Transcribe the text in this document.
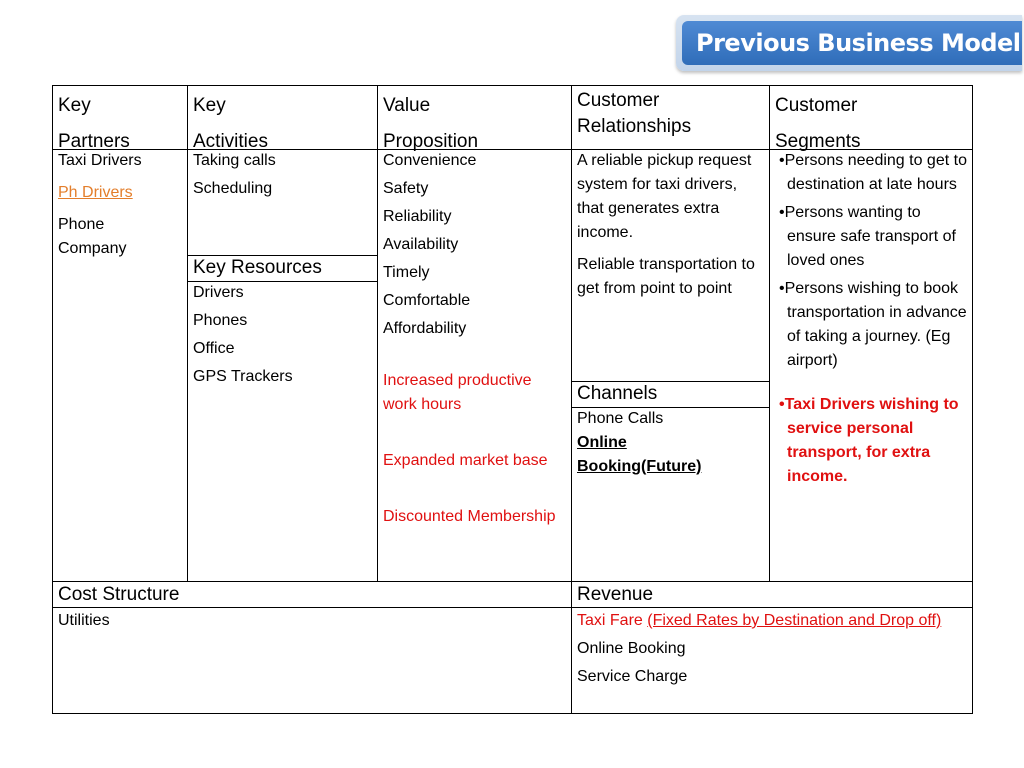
Previous Business Model
Key
Partners
Taxi Drivers
Ph Drivers
Phone Company
Key
Activities
Taking calls
Scheduling
Key Resources
Drivers
Phones
Office
GPS Trackers
Value
Proposition
Convenience
Safety
Reliability
Availability
Timely
Comfortable
Affordability
Increased productive work hours
Expanded market base
Discounted Membership
Customer
Relationships
A reliable pickup request system for taxi drivers, that generates extra income.
Reliable transportation to get from point to point
Channels
Phone Calls
Online Booking(Future)
Customer
Segments
•Persons needing to get to destination at late hours
•Persons wanting to ensure safe transport of loved ones
•Persons wishing to book transportation in advance of taking a journey. (Eg airport)
•Taxi Drivers wishing to service personal transport, for extra income.
Cost Structure
Utilities
Revenue
Taxi Fare (Fixed Rates by Destination and Drop off)
Online Booking
Service Charge
